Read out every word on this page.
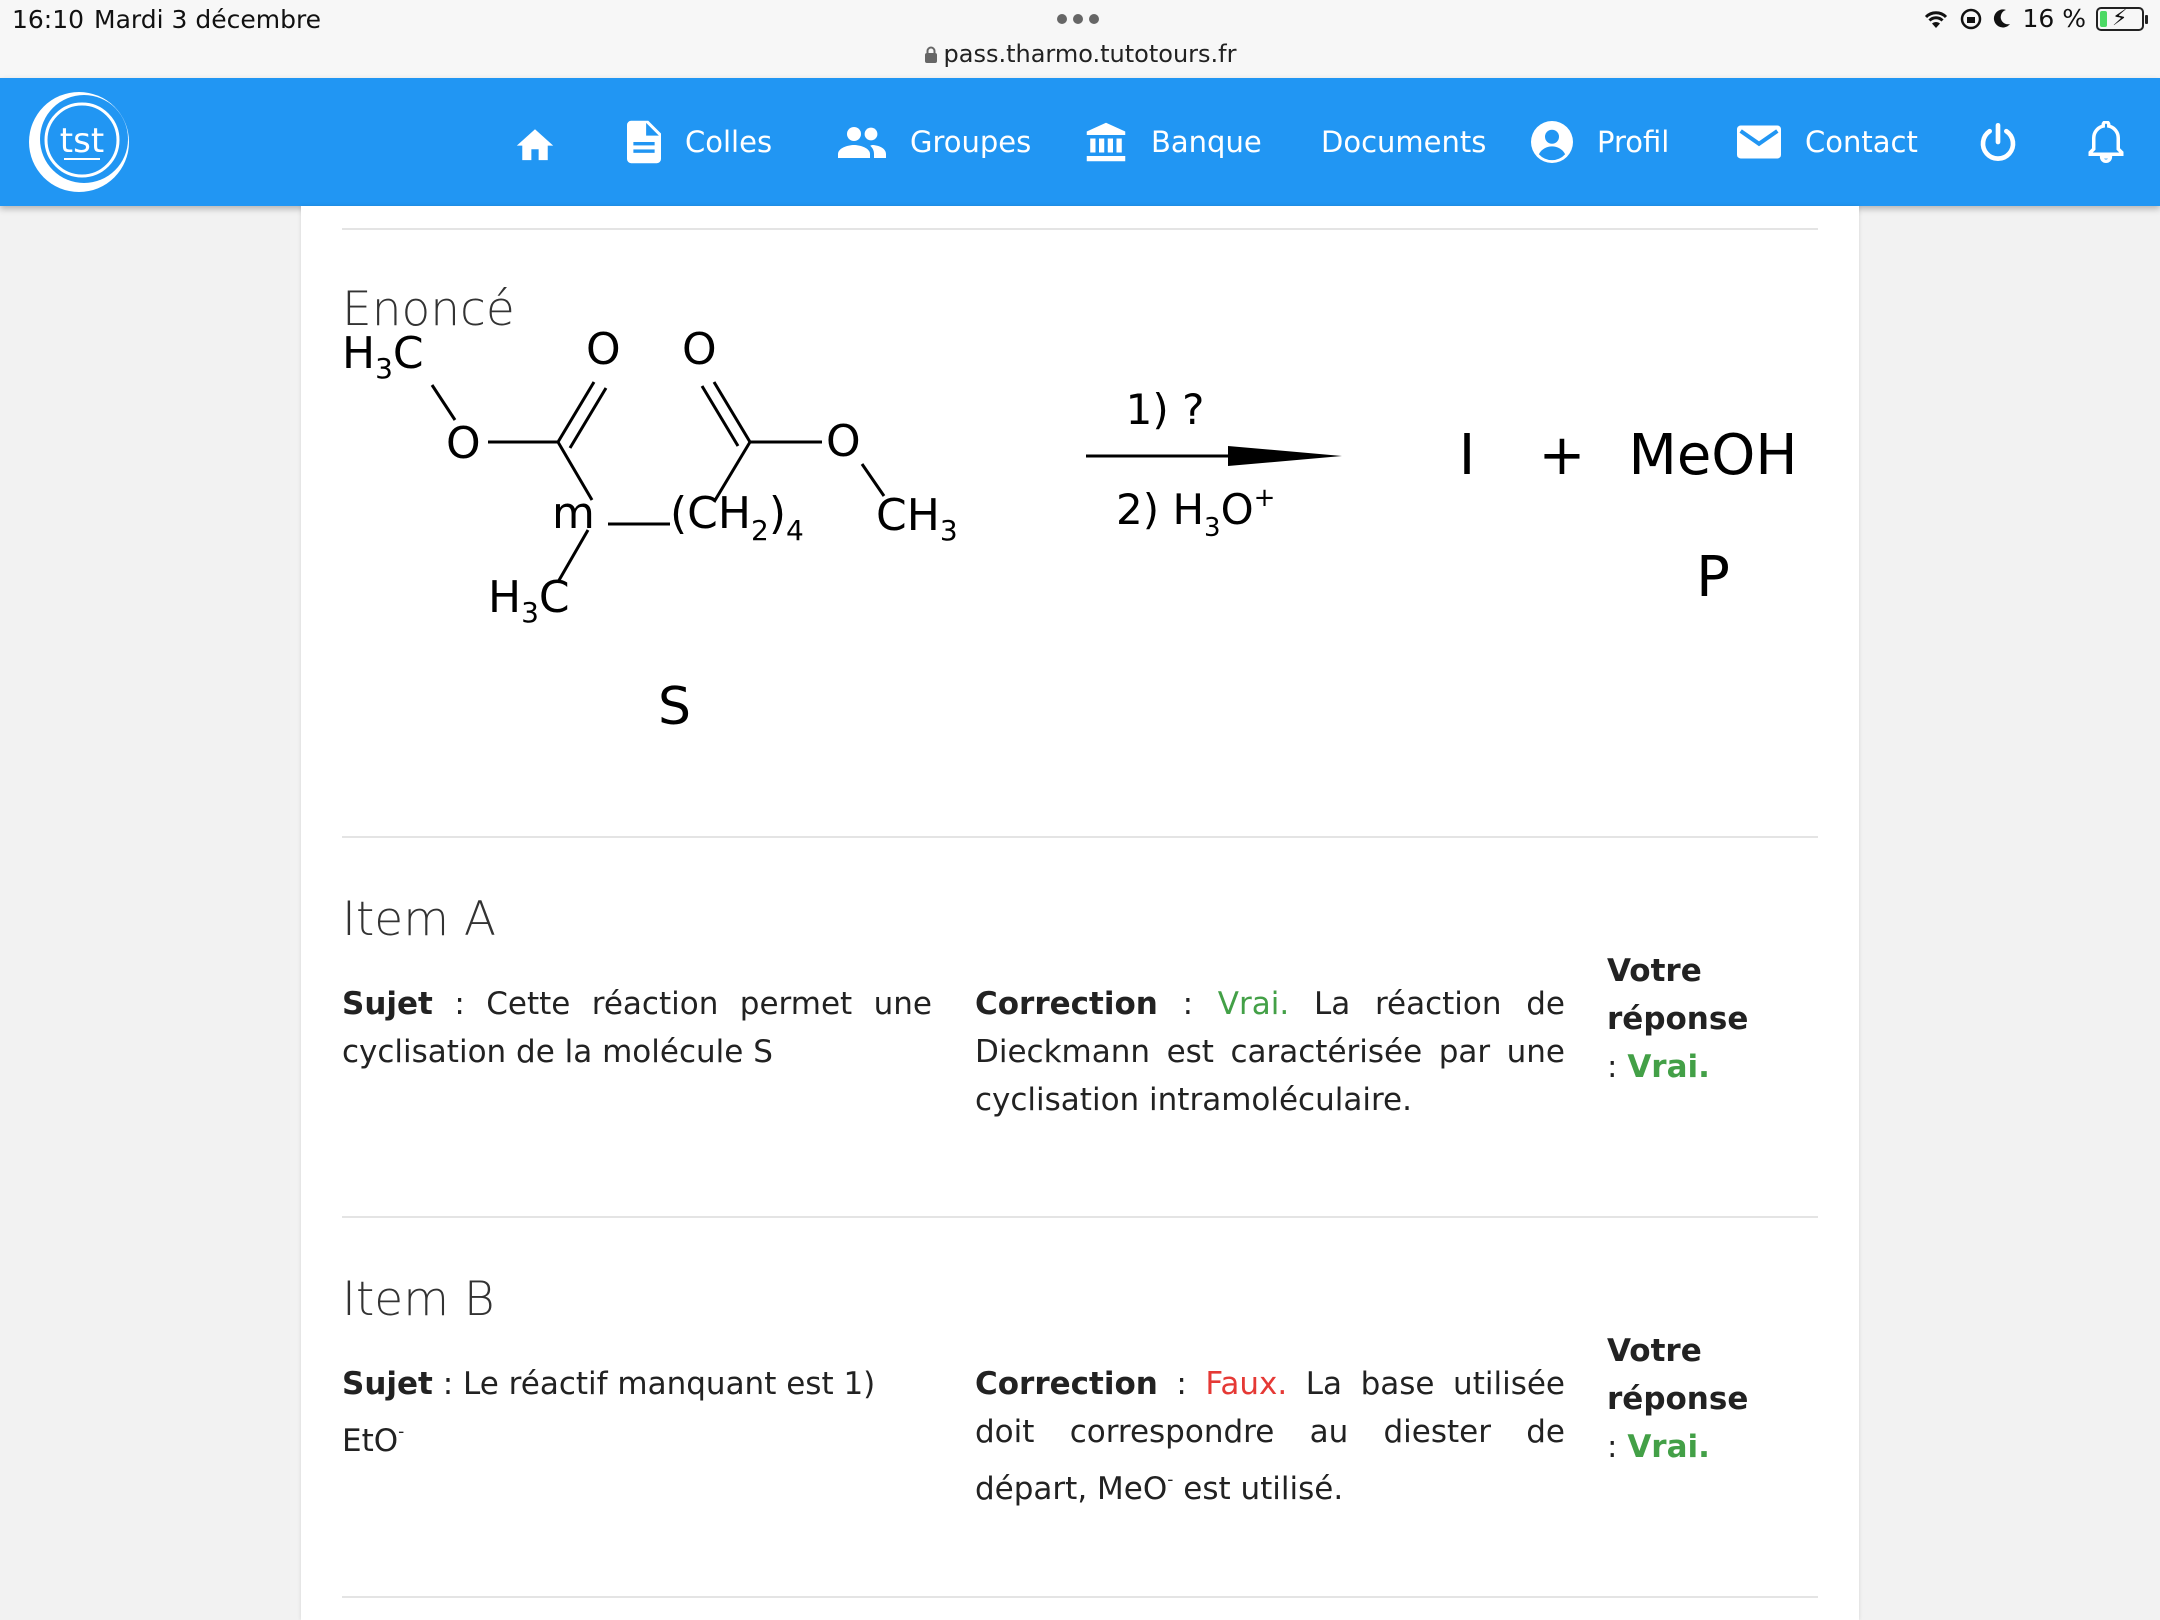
16:10 Mardi 3 décembre
pass.tharmo.tutotours.fr
16 % ⚡
tst	Colles	Groupes	Banque Documents	Profil	Contact
Enoncé
$H_3C$	O O
O	O
m $(CH_2)_4$ $CH_3$
$H_3C$
S
1) ?
2) $H_3O^+$
I + MeOH
P
Item A
Sujet : Cette réaction permet une cyclisation de la molécule S
Correction : Vrai. La réaction de Dieckmann est caractérisée par une cyclisation intramoléculaire.
Votre réponse
: Vrai.
Item B
Sujet : Le réactif manquant est 1) EtO-
Correction : Faux. La base utilisée doit correspondre au diester de départ, MeO- est utilisé.
Votre réponse
: Vrai.
